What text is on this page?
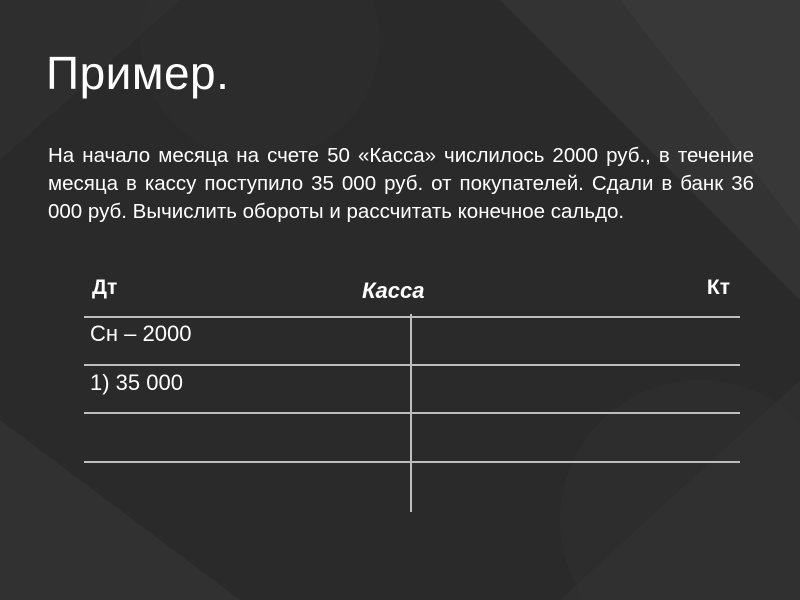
Пример.

На начало месяца на счете 50 «Касса» числилось 2000 руб., в течение месяца в кассу поступило 35 000 руб. от покупателей. Сдали в банк 36 000 руб. Вычислить обороты и рассчитать конечное сальдо.

Дт	Касса	Кт
Сн – 2000
1) 35 000
